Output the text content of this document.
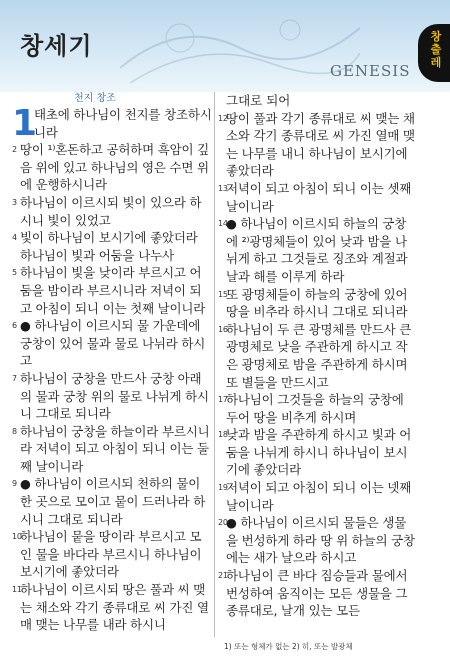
창세기
GENESIS
창출레
1
천지 창조

태초에 하나님이 천지를 창조하시니라

2 땅이 ¹⁾혼돈하고 공허하며 흑암이 깊음 위에 있고 하나님의 영은 수면 위에 운행하시니라

3 하나님이 이르시되 빛이 있으라 하시니 빛이 있었고

4 빛이 하나님이 보시기에 좋았더라 하나님이 빛과 어둠을 나누사

5 하나님이 빛을 낮이라 부르시고 어둠을 밤이라 부르시니라 저녁이 되고 아침이 되니 이는 첫째 날이니라

6 ● 하나님이 이르시되 물 가운데에 궁창이 있어 물과 물로 나뉘라 하시고

7 하나님이 궁창을 만드사 궁창 아래의 물과 궁창 위의 물로 나뉘게 하시니 그대로 되니라

8 하나님이 궁창을 하늘이라 부르시니라 저녁이 되고 아침이 되니 이는 둘째 날이니라

9 ● 하나님이 이르시되 천하의 물이 한 곳으로 모이고 뭍이 드러나라 하시니 그대로 되니라

10
하나님이 뭍을 땅이라 부르시고 모인 물을 바다라 부르시니 하나님이 보시기에 좋았더라

11
하나님이 이르시되 땅은 풀과 씨 맺는 채소와 각기 종류대로 씨 가진 열매 맺는 나무를 내라 하시니

그대로 되어

12
땅이 풀과 각기 종류대로 씨 맺는 채소와 각기 종류대로 씨 가진 열매 맺는 나무를 내니 하나님이 보시기에 좋았더라

13
저녁이 되고 아침이 되니 이는 셋째 날이니라

14
● 하나님이 이르시되 하늘의 궁창에 ²⁾광명체들이 있어 낮과 밤을 나뉘게 하고 그것들로 징조와 계절과 날과 해를 이루게 하라

15
또 광명체들이 하늘의 궁창에 있어 땅을 비추라 하시니 그대로 되니라

16
하나님이 두 큰 광명체를 만드사 큰 광명체로 낮을 주관하게 하시고 작은 광명체로 밤을 주관하게 하시며 또 별들을 만드시고

17
하나님이 그것들을 하늘의 궁창에 두어 땅을 비추게 하시며

18
낮과 밤을 주관하게 하시고 빛과 어둠을 나뉘게 하시니 하나님이 보시기에 좋았더라

19
저녁이 되고 아침이 되니 이는 넷째 날이니라

20
● 하나님이 이르시되 물들은 생물을 번성하게 하라 땅 위 하늘의 궁창에는 새가 날으라 하시고

21
하나님이 큰 바다 짐승들과 물에서 번성하여 움직이는 모든 생물을 그 종류대로, 날개 있는 모든

1) 또는 형체가 없는 2) 히, 또는 발광체
